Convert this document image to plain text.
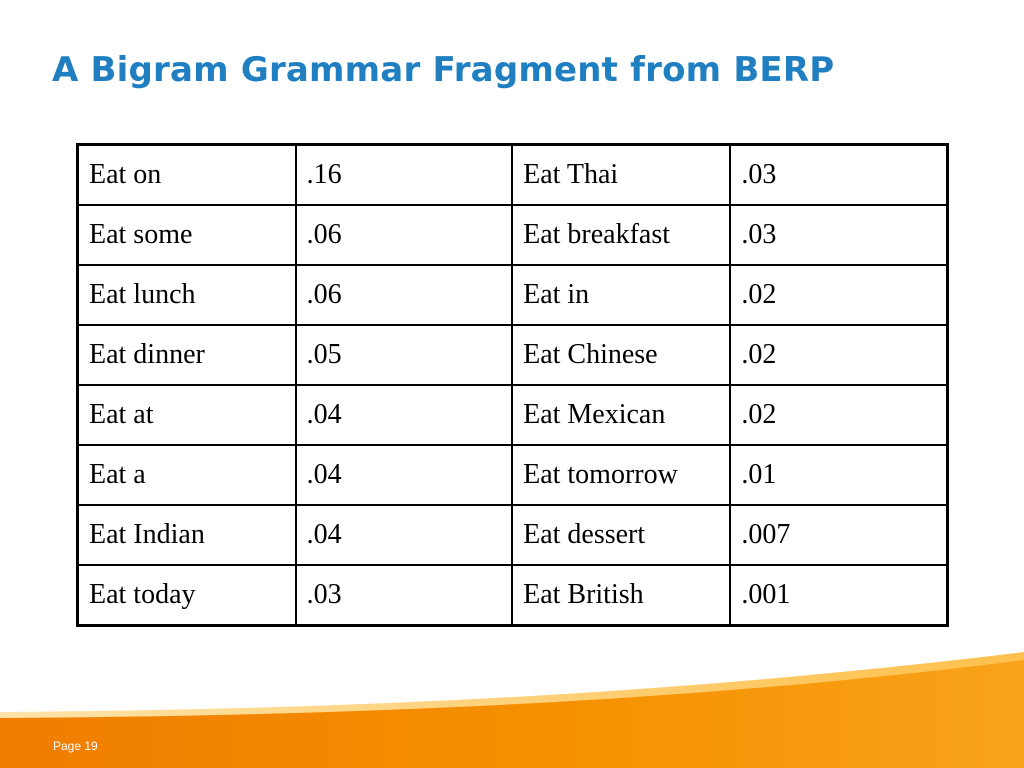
A Bigram Grammar Fragment from BERP
Eat on	.16	Eat Thai	.03
Eat some	.06	Eat breakfast	.03
Eat lunch	.06	Eat in	.02
Eat dinner	.05	Eat Chinese	.02
Eat at	.04	Eat Mexican	.02
Eat a	.04	Eat tomorrow	.01
Eat Indian	.04	Eat dessert	.007
Eat today	.03	Eat British	.001
Page 19
